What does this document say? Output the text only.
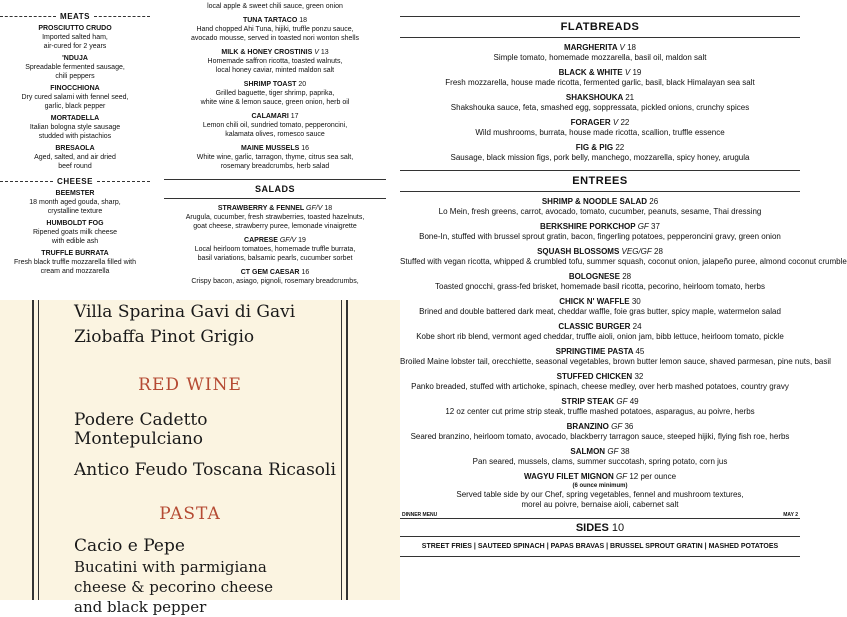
MEATS
PROSCIUTTO CRUDO
Imported salted ham,
air-cured for 2 years
'NDUJA
Spreadable fermented sausage,
chili peppers
FINOCCHIONA
Dry cured salami with fennel seed,
garlic, black pepper
MORTADELLA
Italian bologna style sausage
studded with pistachios
BRESAOLA
Aged, salted, and air dried
beef round
CHEESE
BEEMSTER
18 month aged gouda, sharp,
crystalline texture
HUMBOLDT FOG
Ripened goats milk cheese
with edible ash
TRUFFLE BURRATA
Fresh black truffle mozzarella filled with
cream and mozzarella
local apple & sweet chili sauce, green onion
TUNA TARTACO 18
Hand chopped Ahi Tuna, hijiki, truffle ponzu sauce,
avocado mousse, served in toasted nori wonton shells
MILK & HONEY CROSTINIS V 13
Homemade saffron ricotta, toasted walnuts,
local honey caviar, minted maldon salt
SHRIMP TOAST 20
Grilled baguette, tiger shrimp, paprika,
white wine & lemon sauce, green onion, herb oil
CALAMARI 17
Lemon chili oil, sundried tomato, pepperoncini,
kalamata olives, romesco sauce
MAINE MUSSELS 16
White wine, garlic, tarragon, thyme, citrus sea salt,
rosemary breadcrumbs, herb salad
SALADS
STRAWBERRY & FENNEL GF/V 18
Arugula, cucumber, fresh strawberries, toasted hazelnuts,
goat cheese, strawberry puree, lemonade vinaigrette
CAPRESE GF/V 19
Local heirloom tomatoes, homemade truffle burrata,
basil variations, balsamic pearls, cucumber sorbet
CT GEM CAESAR 16
Crispy bacon, asiago, pignoli, rosemary breadcrumbs,
FLATBREADS
MARGHERITA V 18
Simple tomato, homemade mozzarella, basil oil, maldon salt
BLACK & WHITE V 19
Fresh mozzarella, house made ricotta, fermented garlic, basil, black Himalayan sea salt
SHAKSHOUKA 21
Shakshouka sauce, feta, smashed egg, soppressata, pickled onions, crunchy spices
FORAGER V 22
Wild mushrooms, burrata, house made ricotta, scallion, truffle essence
FIG & PIG 22
Sausage, black mission figs, pork belly, manchego, mozzarella, spicy honey, arugula
ENTREES
SHRIMP & NOODLE SALAD 26
Lo Mein, fresh greens, carrot, avocado, tomato, cucumber, peanuts, sesame, Thai dressing
BERKSHIRE PORKCHOP GF 37
Bone-In, stuffed with brussel sprout gratin, bacon, fingerling potatoes, pepperoncini gravy, green onion
SQUASH BLOSSOMS VEG/GF 28
Stuffed with vegan ricotta, whipped & crumbled tofu, summer squash, coconut onion, jalapeño puree, almond coconut crumble
BOLOGNESE 28
Toasted gnocchi, grass-fed brisket, homemade basil ricotta, pecorino, heirloom tomato, herbs
CHICK N' WAFFLE 30
Brined and double battered dark meat, cheddar waffle, foie gras butter, spicy maple, watermelon salad
CLASSIC BURGER 24
Kobe short rib blend, vermont aged cheddar, truffle aioli, onion jam, bibb lettuce, heirloom tomato, pickle
SPRINGTIME PASTA 45
Broiled Maine lobster tail, orecchiette, seasonal vegetables, brown butter lemon sauce, shaved parmesan, pine nuts, basil
STUFFED CHICKEN 32
Panko breaded, stuffed with artichoke, spinach, cheese medley, over herb mashed potatoes, country gravy
STRIP STEAK GF 49
12 oz center cut prime strip steak, truffle mashed potatoes, asparagus, au poivre, herbs
BRANZINO GF 36
Seared branzino, heirloom tomato, avocado, blackberry tarragon sauce, steeped hijiki, flying fish roe, herbs
SALMON GF 38
Pan seared, mussels, clams, summer succotash, spring potato, corn jus
WAGYU FILET MIGNON GF 12 per ounce
(6 ounce minimum)
Served table side by our Chef, spring vegetables, fennel and mushroom textures,
morel au poivre, bernaise aioli, cabernet salt
DINNER MENU	MAY 2
SIDES 10
STREET FRIES | SAUTEED SPINACH | PAPAS BRAVAS | BRUSSEL SPROUT GRATIN | MASHED POTATOES
Villa Sparina Gavi di Gavi
Ziobaffa Pinot Grigio
RED WINE
Podere Cadetto
Montepulciano
Antico Feudo Toscana Ricasoli
PASTA
Cacio e Pepe
Bucatini with parmigiana
cheese & pecorino cheese
and black pepper
